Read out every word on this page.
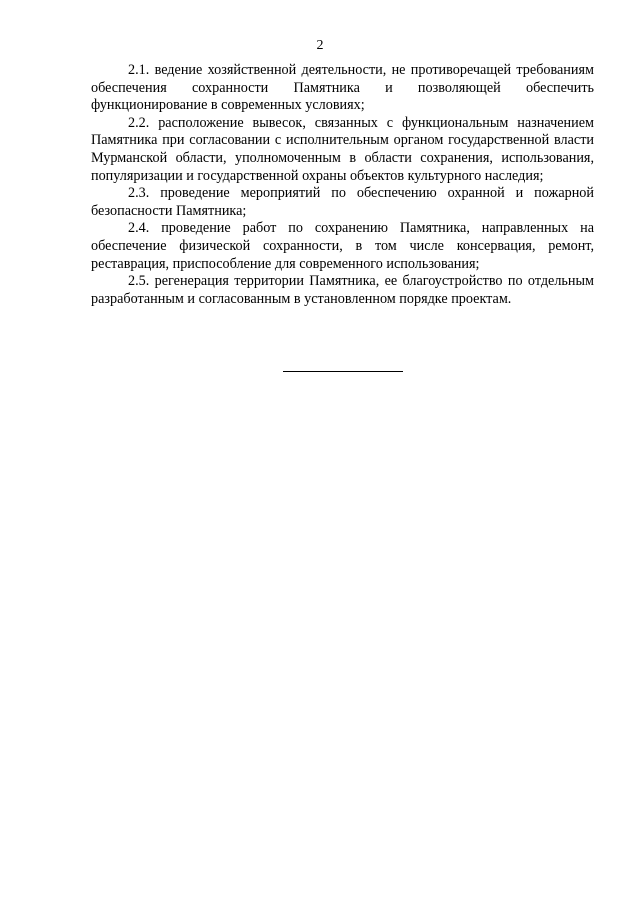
2

2.1. ведение хозяйственной деятельности, не противоречащей требованиям обеспечения сохранности Памятника и позволяющей обеспечить функционирование в современных условиях;

2.2. расположение вывесок, связанных с функциональным назначением Памятника при согласовании с исполнительным органом государственной власти Мурманской области, уполномоченным в области сохранения, использования, популяризации и государственной охраны объектов культурного наследия;

2.3. проведение мероприятий по обеспечению охранной и пожарной безопасности Памятника;

2.4. проведение работ по сохранению Памятника, направленных на обеспечение физической сохранности, в том числе консервация, ремонт, реставрация, приспособление для современного использования;

2.5. регенерация территории Памятника, ее благоустройство по отдельным разработанным и согласованным в установленном порядке проектам.
